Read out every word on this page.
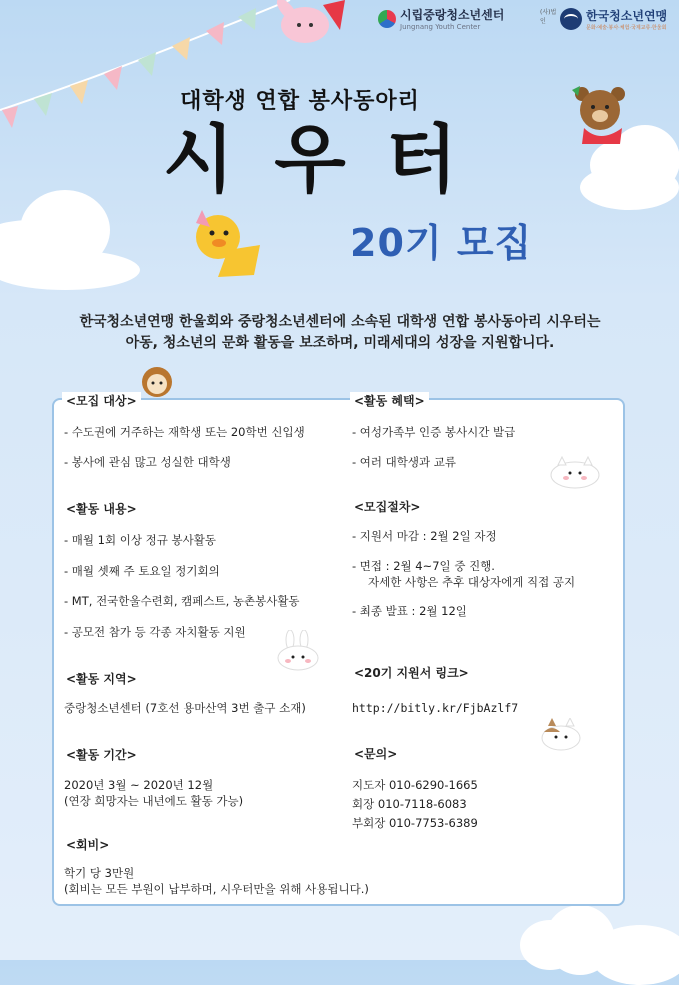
시립중랑청소년센터
Jungnang Youth Center
(사)법인	한국청소년연맹
문화·예술·봉사·체험·국제교류·한울회
대학생 연합 봉사동아리
시우터
20기 모집
한국청소년연맹 한울회와 중랑청소년센터에 소속된 대학생 연합 봉사동아리 시우터는
아동, 청소년의 문화 활동을 보조하며, 미래세대의 성장을 지원합니다.
<모집 대상>
- 수도권에 거주하는 재학생 또는 20학번 신입생
- 봉사에 관심 많고 성실한 대학생
<활동 내용>
- 매월 1회 이상 정규 봉사활동
- 매월 셋째 주 토요일 정기회의
- MT, 전국한울수련회, 캠페스트, 농촌봉사활동
- 공모전 참가 등 각종 자치활동 지원
<활동 지역>
중랑청소년센터 (7호선 용마산역 3번 출구 소재)
<활동 기간>
2020년 3월 ~ 2020년 12월
(연장 희망자는 내년에도 활동 가능)
<회비>
학기 당 3만원
(회비는 모든 부원이 납부하며, 시우터만을 위해 사용됩니다.)
<활동 혜택>
- 여성가족부 인증 봉사시간 발급
- 여러 대학생과 교류
<모집절차>
- 지원서 마감 : 2월 2일 자정
- 면접 : 2월 4~7일 중 진행.
자세한 사항은 추후 대상자에게 직접 공지
- 최종 발표 : 2월 12일
<20기 지원서 링크>
http://bitly.kr/FjbAzlf7
<문의>
지도자 010-6290-1665
회장 010-7118-6083
부회장 010-7753-6389
